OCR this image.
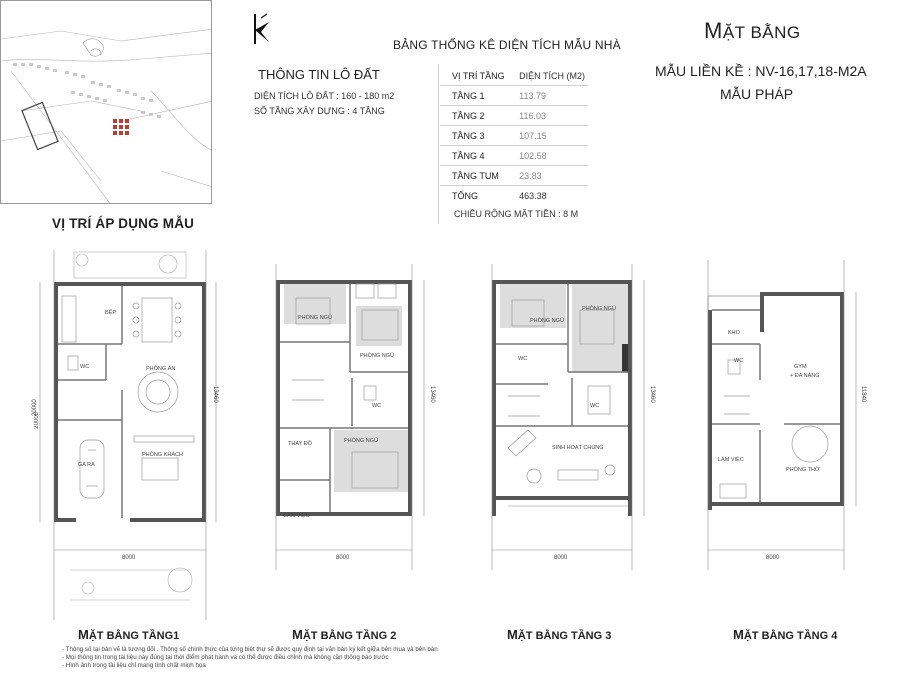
VỊ TRÍ ÁP DỤNG MẪU
BẢNG THỐNG KÊ DIỆN TÍCH MẪU NHÀ
THÔNG TIN LÔ ĐẤT
DIỆN TÍCH LÔ ĐẤT : 160 - 180 m2
SỐ TẦNG XÂY DỰNG : 4 TẦNG
VỊ TRÍ TẦNG	DIỆN TÍCH (M2)
TẦNG 1	113.79
TẦNG 2	116.03
TẦNG 3	107.15
TẦNG 4	102.58
TẦNG TUM	23.83
TỔNG	463.38
CHIỀU RỘNG MẶT TIỀN : 8 M
MẶT BẰNG
MẪU LIỀN KỀ : NV-16,17,18-M2A
MẪU PHÁP
BẾP
WC	PHÒNG ĂN
GA RA
PHÒNG KHÁCH
8000
20000
13460
MẶT BẰNG TẦNG1
PHÒNG NGỦ
PHÒNG NGỦ
WC
THAY ĐỒ	PHÒNG NGỦ
LÀM VIỆC
8000
13460
MẶT BẰNG TẦNG 2
PHÒNG NGỦ
PHÒNG NGỦ
WC
WC
SINH HOẠT CHUNG
8000
13460
MẶT BẰNG TẦNG 3
KHO
WC
GYM
+ ĐA NĂNG
LÀM VIỆC
PHÒNG THỜ
8000
11840
MẶT BẰNG TẦNG 4
20000
- Thông số tại bản vẽ là tương đối . Thông số chính thức của từng biệt thự sẽ được quy định tại văn bản ký kết giữa bên mua và bên bán
- Mọi thông tin trong tài liệu này đúng tại thời điểm phát hành và có thể được điều chỉnh mà không cần thông báo trước
- Hình ảnh trong tài liệu chỉ mang tính chất minh họa
